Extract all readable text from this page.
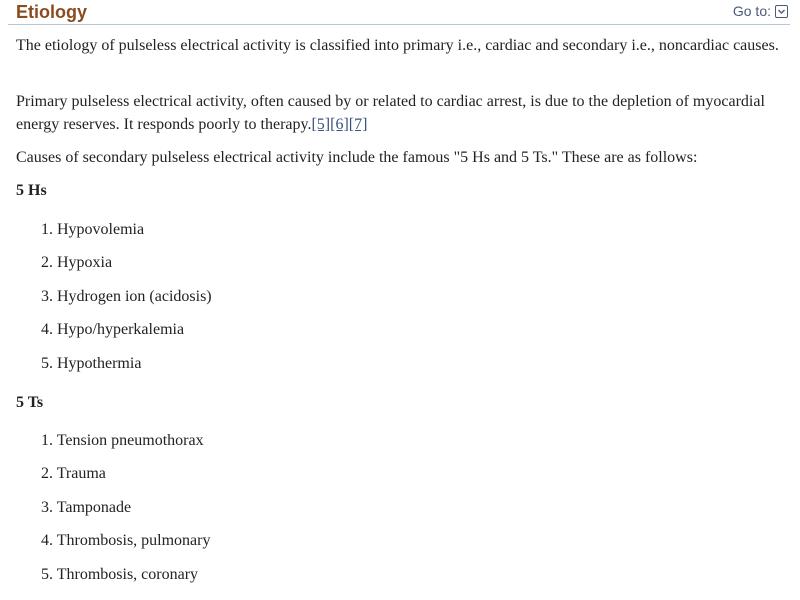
Etiology	Go to:

The etiology of pulseless electrical activity is classified into primary i.e., cardiac and secondary i.e., noncardiac causes.

Primary pulseless electrical activity, often caused by or related to cardiac arrest, is due to the depletion of myocardial energy reserves. It responds poorly to therapy.[5][6][7]

Causes of secondary pulseless electrical activity include the famous "5 Hs and 5 Ts." These are as follows:

5 Hs
1. Hypovolemia
2. Hypoxia
3. Hydrogen ion (acidosis)
4. Hypo/hyperkalemia
5. Hypothermia
5 Ts
1. Tension pneumothorax
2. Trauma
3. Tamponade
4. Thrombosis, pulmonary
5. Thrombosis, coronary
